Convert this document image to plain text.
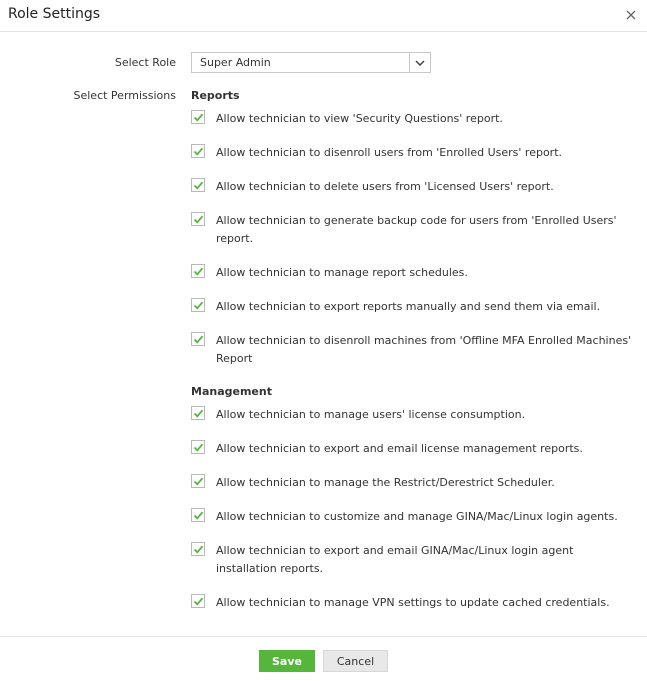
Role Settings
Select Role Super Admin
Select Permissions Reports
Allow technician to view 'Security Questions' report.
Allow technician to disenroll users from 'Enrolled Users' report.
Allow technician to delete users from 'Licensed Users' report.
Allow technician to generate backup code for users from 'Enrolled Users' report.
Allow technician to manage report schedules.
Allow technician to export reports manually and send them via email.
Allow technician to disenroll machines from 'Offline MFA Enrolled Machines' Report
Management
Allow technician to manage users' license consumption.
Allow technician to export and email license management reports.
Allow technician to manage the Restrict/Derestrict Scheduler.
Allow technician to customize and manage GINA/Mac/Linux login agents.
Allow technician to export and email GINA/Mac/Linux login agent installation reports.
Allow technician to manage VPN settings to update cached credentials.
Save	Cancel
